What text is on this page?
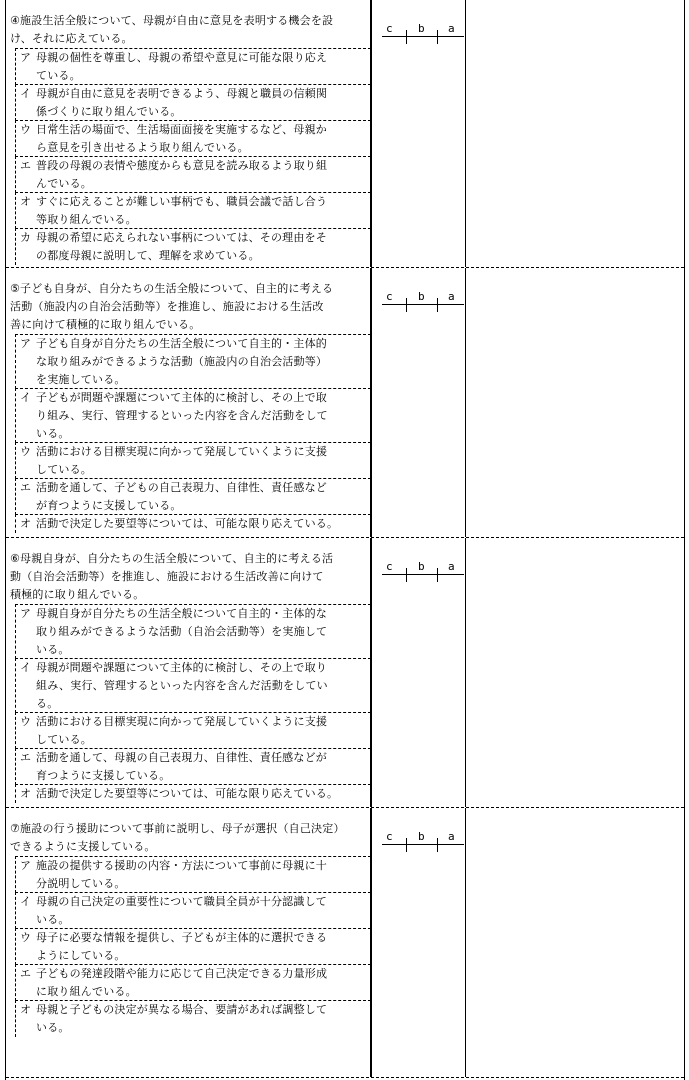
④施設生活全般について、母親が自由に意見を表明する機会を設
け、それに応えている。
ア 母親の個性を尊重し、母親の希望や意見に可能な限り応え
ている。
イ 母親が自由に意見を表明できるよう、母親と職員の信頼関
係づくりに取り組んでいる。
ウ 日常生活の場面で、生活場面面接を実施するなど、母親か
ら意見を引き出せるよう取り組んでいる。
エ 普段の母親の表情や態度からも意見を読み取るよう取り組
んでいる。
オ すぐに応えることが難しい事柄でも、職員会議で話し合う
等取り組んでいる。
カ 母親の希望に応えられない事柄については、その理由をそ
の都度母親に説明して、理解を求めている。
c b a
⑤子ども自身が、自分たちの生活全般について、自主的に考える
活動（施設内の自治会活動等）を推進し、施設における生活改
善に向けて積極的に取り組んでいる。
ア 子ども自身が自分たちの生活全般について自主的・主体的
な取り組みができるような活動（施設内の自治会活動等）
を実施している。
イ 子どもが問題や課題について主体的に検討し、その上で取
り組み、実行、管理するといった内容を含んだ活動をして
いる。
ウ 活動における目標実現に向かって発展していくように支援
している。
エ 活動を通して、子どもの自己表現力、自律性、責任感など
が育つように支援している。
オ 活動で決定した要望等については、可能な限り応えている。
c b a
⑥母親自身が、自分たちの生活全般について、自主的に考える活
動（自治会活動等）を推進し、施設における生活改善に向けて
積極的に取り組んでいる。
ア 母親自身が自分たちの生活全般について自主的・主体的な
取り組みができるような活動（自治会活動等）を実施して
いる。
イ 母親が問題や課題について主体的に検討し、その上で取り
組み、実行、管理するといった内容を含んだ活動をしてい
る。
ウ 活動における目標実現に向かって発展していくように支援
している。
エ 活動を通して、母親の自己表現力、自律性、責任感などが
育つように支援している。
オ 活動で決定した要望等については、可能な限り応えている。
c b a
⑦施設の行う援助について事前に説明し、母子が選択（自己決定）
できるように支援している。
ア 施設の提供する援助の内容・方法について事前に母親に十
分説明している。
イ 母親の自己決定の重要性について職員全員が十分認識して
いる。
ウ 母子に必要な情報を提供し、子どもが主体的に選択できる
ようにしている。
エ 子どもの発達段階や能力に応じて自己決定できる力量形成
に取り組んでいる。
オ 母親と子どもの決定が異なる場合、要請があれば調整して
いる。
c b a
